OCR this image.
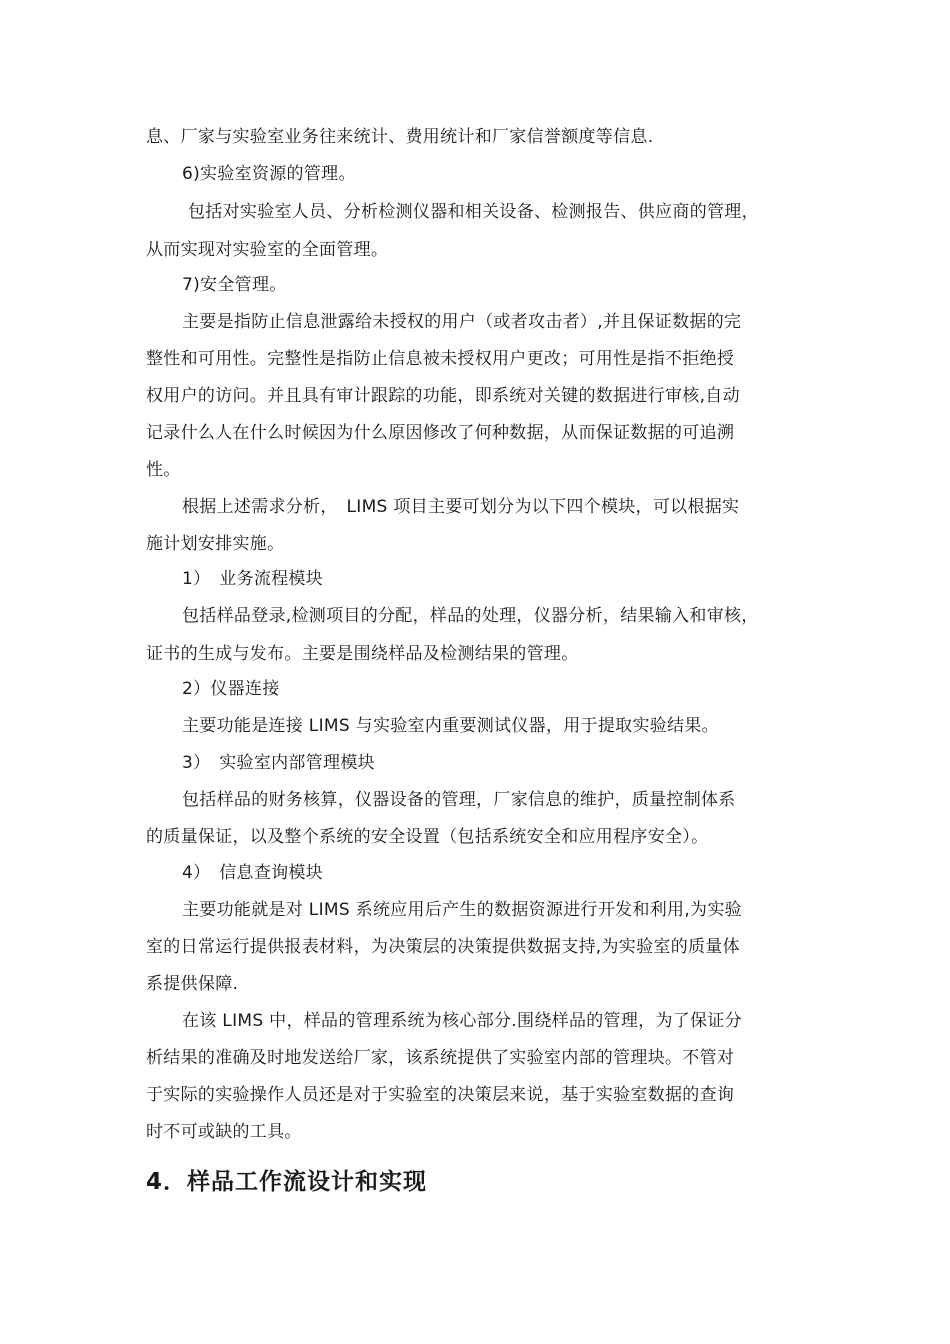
息、厂家与实验室业务往来统计、费用统计和厂家信誉额度等信息.
6)实验室资源的管理。
包括对实验室人员、分析检测仪器和相关设备、检测报告、供应商的管理，
从而实现对实验室的全面管理。
7)安全管理。
主要是指防止信息泄露给未授权的用户（或者攻击者）,并且保证数据的完
整性和可用性。完整性是指防止信息被未授权用户更改；可用性是指不拒绝授
权用户的访问。并且具有审计跟踪的功能，即系统对关键的数据进行审核,自动
记录什么人在什么时候因为什么原因修改了何种数据，从而保证数据的可追溯
性。
根据上述需求分析，　LIMS 项目主要可划分为以下四个模块，可以根据实
施计划安排实施。
1）　业务流程模块
包括样品登录,检测项目的分配，样品的处理，仪器分析，结果输入和审核，
证书的生成与发布。主要是围绕样品及检测结果的管理。
2）仪器连接
主要功能是连接 LIMS 与实验室内重要测试仪器，用于提取实验结果。
3）　实验室内部管理模块
包括样品的财务核算，仪器设备的管理，厂家信息的维护，质量控制体系
的质量保证，以及整个系统的安全设置（包括系统安全和应用程序安全）。
4）　信息查询模块
主要功能就是对 LIMS 系统应用后产生的数据资源进行开发和利用,为实验
室的日常运行提供报表材料，为决策层的决策提供数据支持,为实验室的质量体
系提供保障.
在该 LIMS 中，样品的管理系统为核心部分.围绕样品的管理，为了保证分
析结果的准确及时地发送给厂家，该系统提供了实验室内部的管理块。不管对
于实际的实验操作人员还是对于实验室的决策层来说，基于实验室数据的查询
时不可或缺的工具。
4．样品工作流设计和实现
